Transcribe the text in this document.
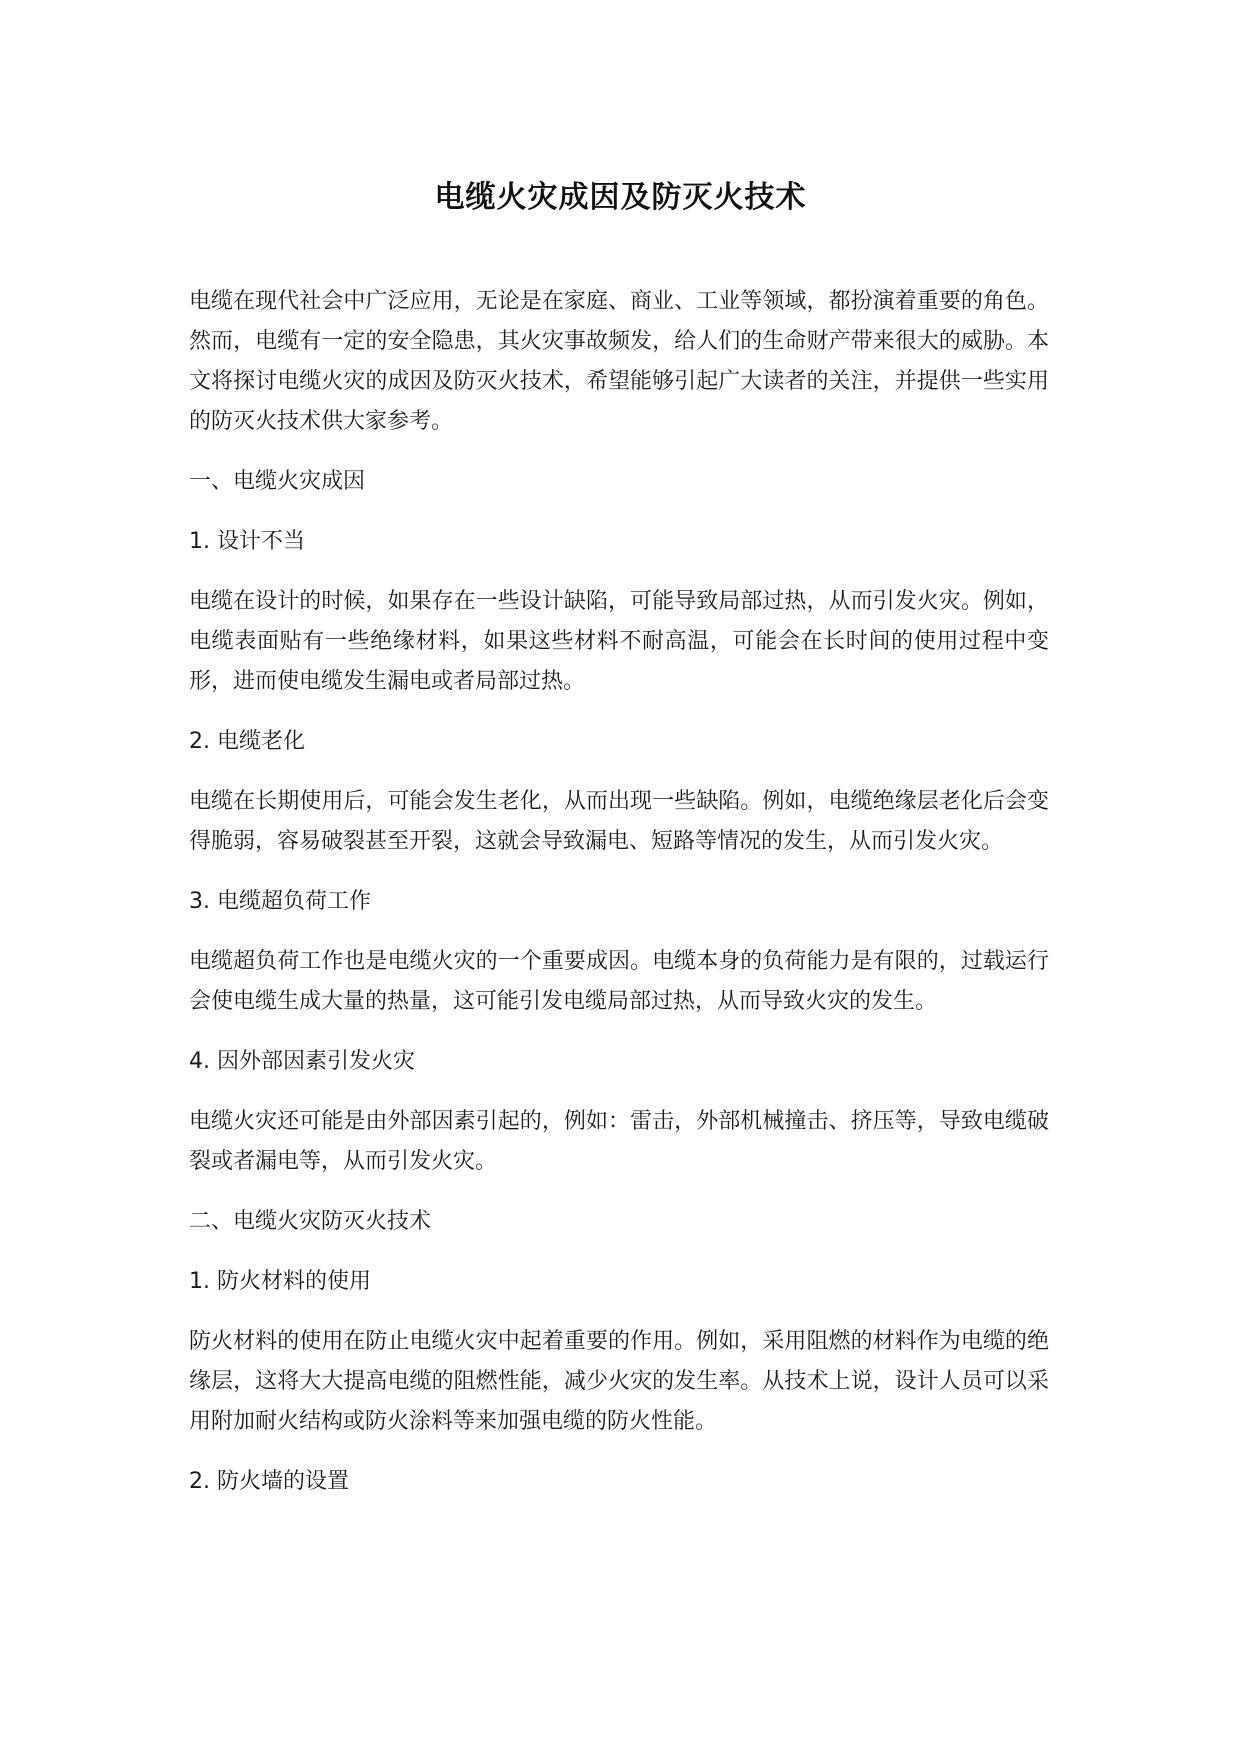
电缆火灾成因及防灭火技术

电缆在现代社会中广泛应用，无论是在家庭、商业、工业等领域，都扮演着重要的角色。然而，电缆有一定的安全隐患，其火灾事故频发，给人们的生命财产带来很大的威胁。本文将探讨电缆火灾的成因及防灭火技术，希望能够引起广大读者的关注，并提供一些实用的防灭火技术供大家参考。

一、电缆火灾成因
1. 设计不当

电缆在设计的时候，如果存在一些设计缺陷，可能导致局部过热，从而引发火灾。例如，电缆表面贴有一些绝缘材料，如果这些材料不耐高温，可能会在长时间的使用过程中变形，进而使电缆发生漏电或者局部过热。

2. 电缆老化

电缆在长期使用后，可能会发生老化，从而出现一些缺陷。例如，电缆绝缘层老化后会变得脆弱，容易破裂甚至开裂，这就会导致漏电、短路等情况的发生，从而引发火灾。

3. 电缆超负荷工作

电缆超负荷工作也是电缆火灾的一个重要成因。电缆本身的负荷能力是有限的，过载运行会使电缆生成大量的热量，这可能引发电缆局部过热，从而导致火灾的发生。

4. 因外部因素引发火灾

电缆火灾还可能是由外部因素引起的，例如：雷击，外部机械撞击、挤压等，导致电缆破裂或者漏电等，从而引发火灾。

二、电缆火灾防灭火技术
1. 防火材料的使用

防火材料的使用在防止电缆火灾中起着重要的作用。例如，采用阻燃的材料作为电缆的绝缘层，这将大大提高电缆的阻燃性能，减少火灾的发生率。从技术上说，设计人员可以采用附加耐火结构或防火涂料等来加强电缆的防火性能。

2. 防火墙的设置
